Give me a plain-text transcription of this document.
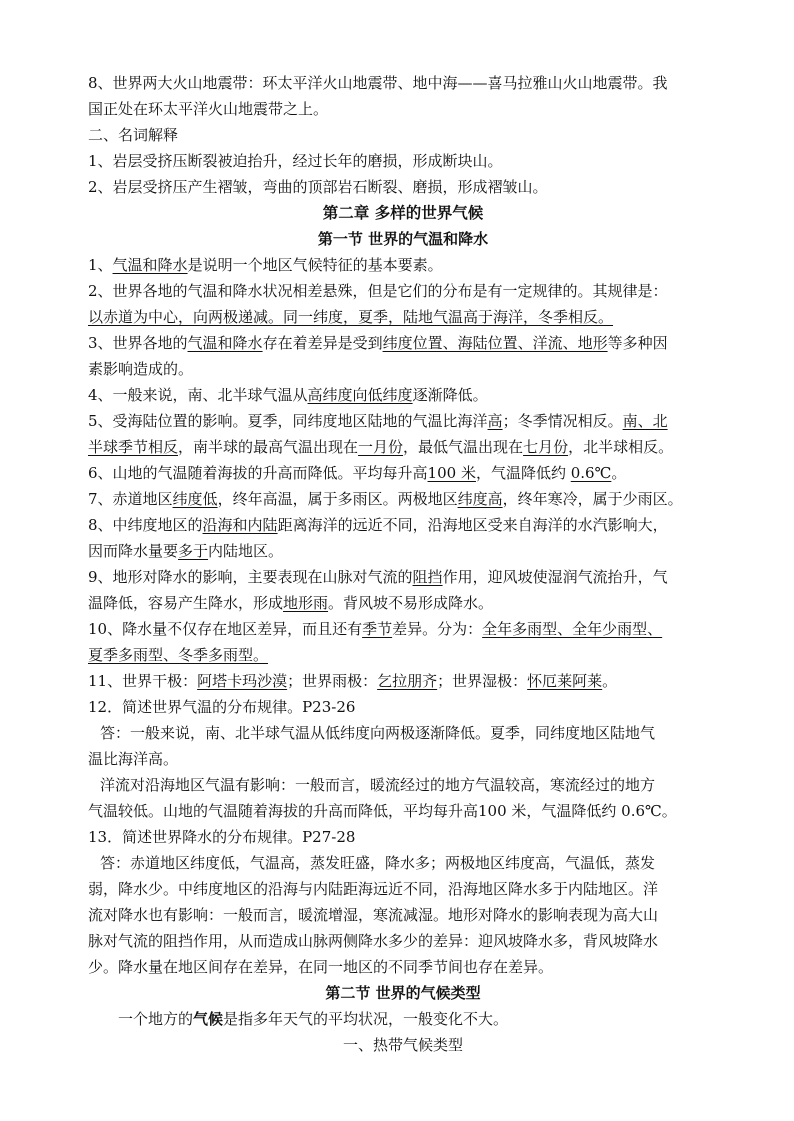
8、世界两大火山地震带：环太平洋火山地震带、地中海——喜马拉雅山火山地震带。我

国正处在环太平洋火山地震带之上。

二、名词解释

1、岩层受挤压断裂被迫抬升，经过长年的磨损，形成断块山。

2、岩层受挤压产生褶皱，弯曲的顶部岩石断裂、磨损，形成褶皱山。

第二章 多样的世界气候

第一节 世界的气温和降水

1、气温和降水是说明一个地区气候特征的基本要素。

2、世界各地的气温和降水状况相差悬殊，但是它们的分布是有一定规律的。其规律是：

以赤道为中心，向两极递减。同一纬度，夏季，陆地气温高于海洋，冬季相反。

3、世界各地的气温和降水存在着差异是受到纬度位置、海陆位置、洋流、地形等多种因

素影响造成的。

4、一般来说，南、北半球气温从高纬度向低纬度逐渐降低。

5、受海陆位置的影响。夏季，同纬度地区陆地的气温比海洋高；冬季情况相反。南、北

半球季节相反，南半球的最高气温出现在一月份，最低气温出现在七月份，北半球相反。

6、山地的气温随着海拔的升高而降低。平均每升高100 米，气温降低约 0.6℃。

7、赤道地区纬度低，终年高温，属于多雨区。两极地区纬度高，终年寒冷，属于少雨区。

8、中纬度地区的沿海和内陆距离海洋的远近不同，沿海地区受来自海洋的水汽影响大，

因而降水量要多于内陆地区。

9、地形对降水的影响，主要表现在山脉对气流的阻挡作用，迎风坡使湿润气流抬升，气

温降低，容易产生降水，形成地形雨。背风坡不易形成降水。

10、降水量不仅存在地区差异，而且还有季节差异。分为：全年多雨型、全年少雨型、

夏季多雨型、冬季多雨型。

11、世界干极：阿塔卡玛沙漠；世界雨极：乞拉朋齐；世界湿极：怀厄莱阿莱。

12．简述世界气温的分布规律。P23-26

答：一般来说，南、北半球气温从低纬度向两极逐渐降低。夏季，同纬度地区陆地气

温比海洋高。

洋流对沿海地区气温有影响：一般而言，暖流经过的地方气温较高，寒流经过的地方

气温较低。山地的气温随着海拔的升高而降低，平均每升高100 米，气温降低约 0.6℃。

13．简述世界降水的分布规律。P27-28

答：赤道地区纬度低，气温高，蒸发旺盛，降水多；两极地区纬度高，气温低，蒸发

弱，降水少。中纬度地区的沿海与内陆距海远近不同，沿海地区降水多于内陆地区。洋

流对降水也有影响：一般而言，暖流增湿，寒流减湿。地形对降水的影响表现为高大山

脉对气流的阻挡作用，从而造成山脉两侧降水多少的差异：迎风坡降水多，背风坡降水

少。降水量在地区间存在差异，在同一地区的不同季节间也存在差异。

第二节 世界的气候类型

一个地方的气候是指多年天气的平均状况，一般变化不大。

一、热带气候类型
